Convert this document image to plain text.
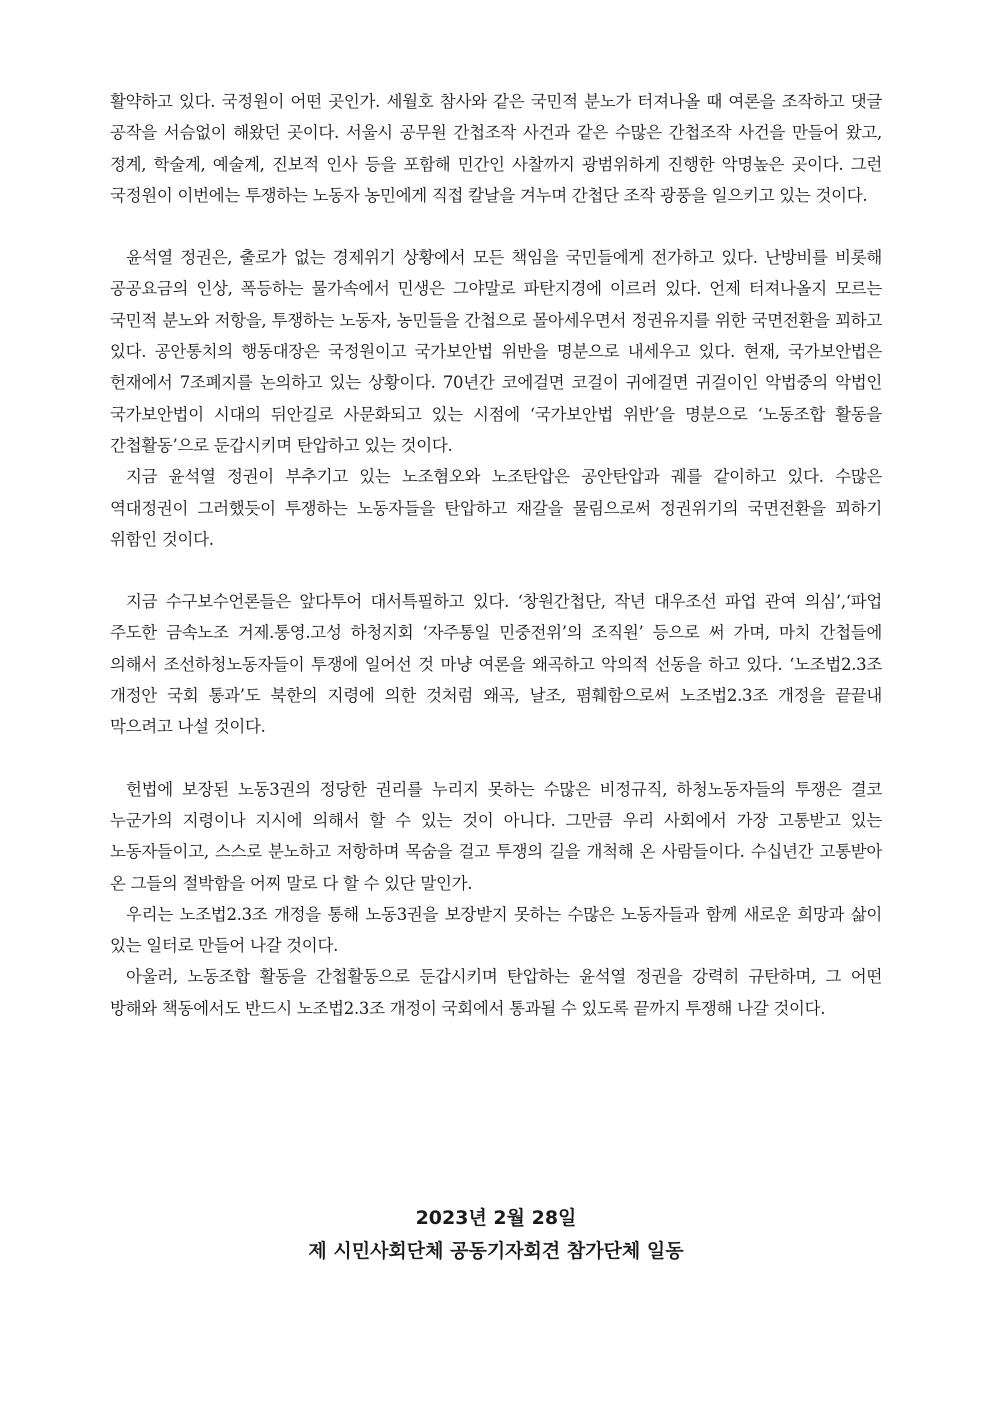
활약하고 있다. 국정원이 어떤 곳인가. 세월호 참사와 같은 국민적 분노가 터져나올 때 여론을 조작하고 댓글 공작을 서슴없이 해왔던 곳이다. 서울시 공무원 간첩조작 사건과 같은 수많은 간첩조작 사건을 만들어 왔고, 정계, 학술계, 예술계, 진보적 인사 등을 포함해 민간인 사찰까지 광범위하게 진행한 악명높은 곳이다. 그런 국정원이 이번에는 투쟁하는 노동자 농민에게 직접 칼날을 겨누며 간첩단 조작 광풍을 일으키고 있는 것이다.

윤석열 정권은, 출로가 없는 경제위기 상황에서 모든 책임을 국민들에게 전가하고 있다. 난방비를 비롯해 공공요금의 인상, 폭등하는 물가속에서 민생은 그야말로 파탄지경에 이르러 있다. 언제 터져나올지 모르는 국민적 분노와 저항을, 투쟁하는 노동자, 농민들을 간첩으로 몰아세우면서 정권유지를 위한 국면전환을 꾀하고 있다. 공안통치의 행동대장은 국정원이고 국가보안법 위반을 명분으로 내세우고 있다. 현재, 국가보안법은 헌재에서 7조폐지를 논의하고 있는 상황이다. 70년간 코에걸면 코걸이 귀에걸면 귀걸이인 악법중의 악법인 국가보안법이 시대의 뒤안길로 사문화되고 있는 시점에 ‘국가보안법 위반’을 명분으로 ‘노동조합 활동을 간첩활동’으로 둔갑시키며 탄압하고 있는 것이다.

지금 윤석열 정권이 부추기고 있는 노조혐오와 노조탄압은 공안탄압과 궤를 같이하고 있다. 수많은 역대정권이 그러했듯이 투쟁하는 노동자들을 탄압하고 재갈을 물림으로써 정권위기의 국면전환을 꾀하기 위함인 것이다.

지금 수구보수언론들은 앞다투어 대서특필하고 있다. ‘창원간첩단, 작년 대우조선 파업 관여 의심’,‘파업 주도한 금속노조 거제.통영.고성 하청지회 ‘자주통일 민중전위’의 조직원’ 등으로 써 가며, 마치 간첩들에 의해서 조선하청노동자들이 투쟁에 일어선 것 마냥 여론을 왜곡하고 악의적 선동을 하고 있다. ‘노조법2.3조 개정안 국회 통과’도 북한의 지령에 의한 것처럼 왜곡, 날조, 폄훼함으로써 노조법2.3조 개정을 끝끝내 막으려고 나설 것이다.

헌법에 보장된 노동3권의 정당한 권리를 누리지 못하는 수많은 비정규직, 하청노동자들의 투쟁은 결코 누군가의 지령이나 지시에 의해서 할 수 있는 것이 아니다. 그만큼 우리 사회에서 가장 고통받고 있는 노동자들이고, 스스로 분노하고 저항하며 목숨을 걸고 투쟁의 길을 개척해 온 사람들이다. 수십년간 고통받아 온 그들의 절박함을 어찌 말로 다 할 수 있단 말인가.

우리는 노조법2.3조 개정을 통해 노동3권을 보장받지 못하는 수많은 노동자들과 함께 새로운 희망과 삶이 있는 일터로 만들어 나갈 것이다.

아울러, 노동조합 활동을 간첩활동으로 둔갑시키며 탄압하는 윤석열 정권을 강력히 규탄하며, 그 어떤 방해와 책동에서도 반드시 노조법2.3조 개정이 국회에서 통과될 수 있도록 끝까지 투쟁해 나갈 것이다.

2023년 2월 28일
제 시민사회단체 공동기자회견 참가단체 일동
